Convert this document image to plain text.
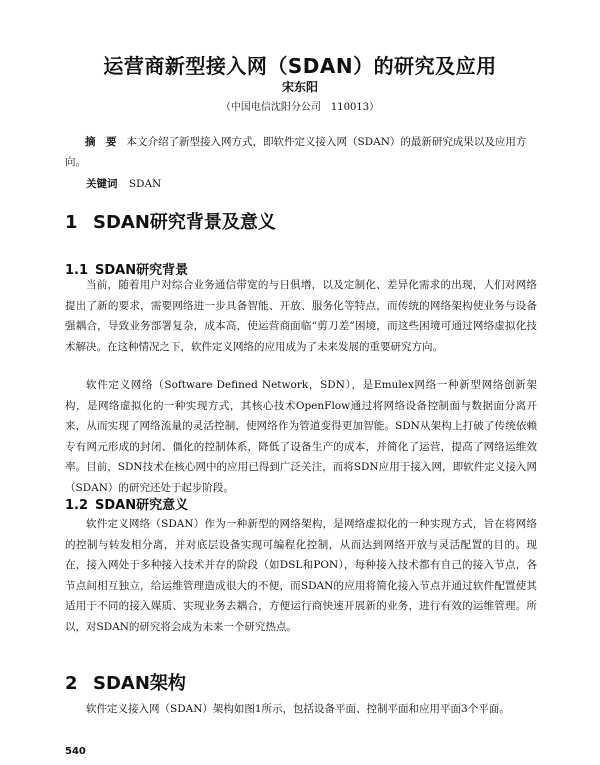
运营商新型接入网（SDAN）的研究及应用
宋东阳
（中国电信沈阳分公司　110013）
摘　要 本文介绍了新型接入网方式，即软件定义接入网（SDAN）的最新研究成果以及应用方向。
关键词 SDAN
1 SDAN研究背景及意义
1.1 SDAN研究背景

当前，随着用户对综合业务通信带宽的与日俱增，以及定制化、差异化需求的出现，人们对网络提出了新的要求，需要网络进一步具备智能、开放、服务化等特点，而传统的网络架构使业务与设备强耦合，导致业务部署复杂，成本高，使运营商面临“剪刀差”困境，而这些困境可通过网络虚拟化技术解决。在这种情况之下，软件定义网络的应用成为了未来发展的重要研究方向。

软件定义网络（Software Defined Network，SDN），是Emulex网络一种新型网络创新架构，是网络虚拟化的一种实现方式，其核心技术OpenFlow通过将网络设备控制面与数据面分离开来，从而实现了网络流量的灵活控制，使网络作为管道变得更加智能。SDN从架构上打破了传统依赖专有网元形成的封闭、僵化的控制体系，降低了设备生产的成本，并简化了运营，提高了网络运维效率。目前，SDN技术在核心网中的应用已得到广泛关注，而将SDN应用于接入网，即软件定义接入网（SDAN）的研究还处于起步阶段。

1.2 SDAN研究意义

软件定义网络（SDAN）作为一种新型的网络架构，是网络虚拟化的一种实现方式，旨在将网络的控制与转发相分离，并对底层设备实现可编程化控制，从而达到网络开放与灵活配置的目的。现在，接入网处于多种接入技术并存的阶段（如DSL和PON），每种接入技术都有自己的接入节点，各节点间相互独立，给运维管理造成很大的不便，而SDAN的应用将简化接入节点并通过软件配置使其适用于不同的接入媒质、实现业务去耦合，方便运行商快速开展新的业务，进行有效的运维管理。所以，对SDAN的研究将会成为未来一个研究热点。

2 SDAN架构

软件定义接入网（SDAN）架构如图1所示，包括设备平面、控制平面和应用平面3个平面。

540
